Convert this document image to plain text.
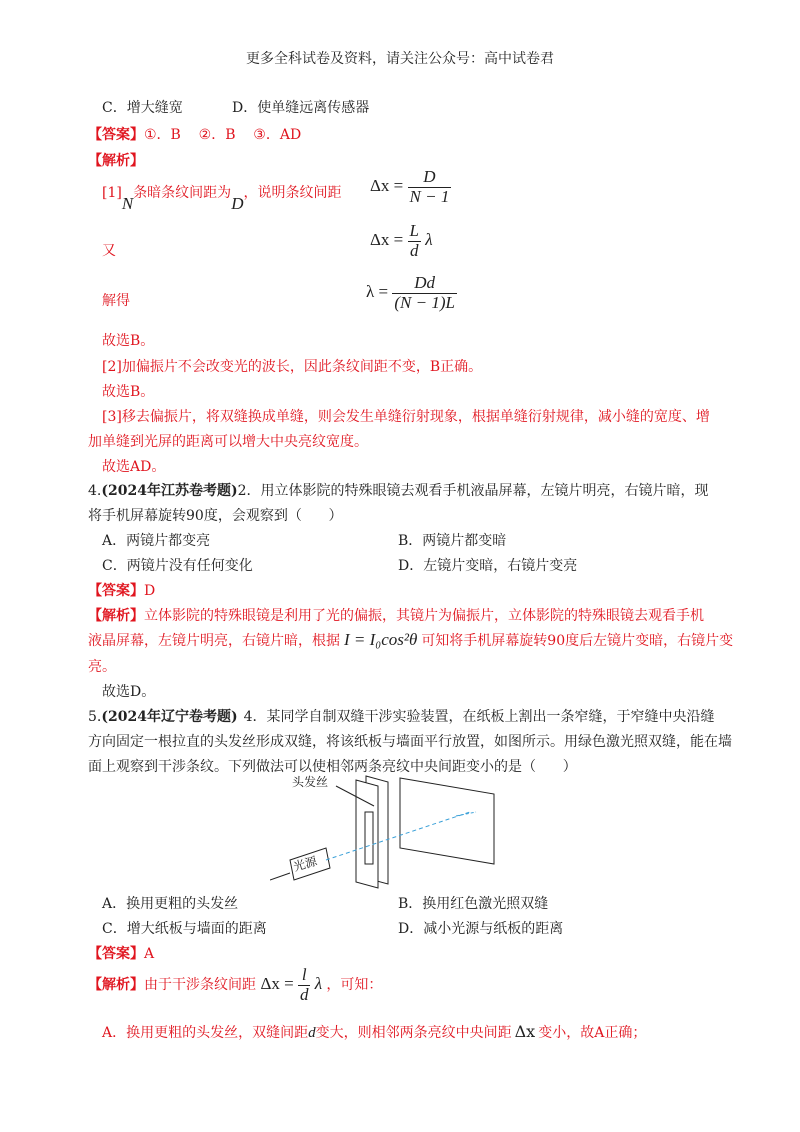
更多全科试卷及资料，请关注公众号：高中试卷君
C．增大缝宽	D．使单缝远离传感器
【答案】①．B    ②．B    ③．AD
【解析】
[1]N条暗条纹间距为D，说明条纹间距 $\Delta x = \frac{D}{N - 1}$
又
$\Delta x = \frac{L}{d}$ λ
解得	$\lambda = \frac{Dd}{(N - 1)L}$
故选B。
[2]加偏振片不会改变光的波长，因此条纹间距不变，B正确。
故选B。
[3]移去偏振片，将双缝换成单缝，则会发生单缝衍射现象，根据单缝衍射规律，减小缝的宽度、增
加单缝到光屏的距离可以增大中央亮纹宽度。
故选AD。
4.(2024年江苏卷考题)2．用立体影院的特殊眼镜去观看手机液晶屏幕，左镜片明亮，右镜片暗，现
将手机屏幕旋转90度，会观察到（      ）
A．两镜片都变亮	B．两镜片都变暗
C．两镜片没有任何变化	D．左镜片变暗，右镜片变亮
【答案】D
【解析】立体影院的特殊眼镜是利用了光的偏振，其镜片为偏振片，立体影院的特殊眼镜去观看手机
液晶屏幕，左镜片明亮，右镜片暗，根据 I = I₀cos²θ 可知将手机屏幕旋转90度后左镜片变暗，右镜片变
亮。
故选D。
5.(2024年辽宁卷考题) 4．某同学自制双缝干涉实验装置，在纸板上割出一条窄缝，于窄缝中央沿缝
方向固定一根拉直的头发丝形成双缝，将该纸板与墙面平行放置，如图所示。用绿色激光照双缝，能在墙
面上观察到干涉条纹。下列做法可以使相邻两条亮纹中央间距变小的是（      ）
头发丝
光源
A．换用更粗的头发丝	B．换用红色激光照双缝
C．增大纸板与墙面的距离	D．减小光源与纸板的距离
【答案】A
【解析】由于干涉条纹间距 $\Delta x = \frac{l}{d}$ λ ，可知：
A．换用更粗的头发丝，双缝间距d变大，则相邻两条亮纹中央间距 Δx 变小，故A正确；
